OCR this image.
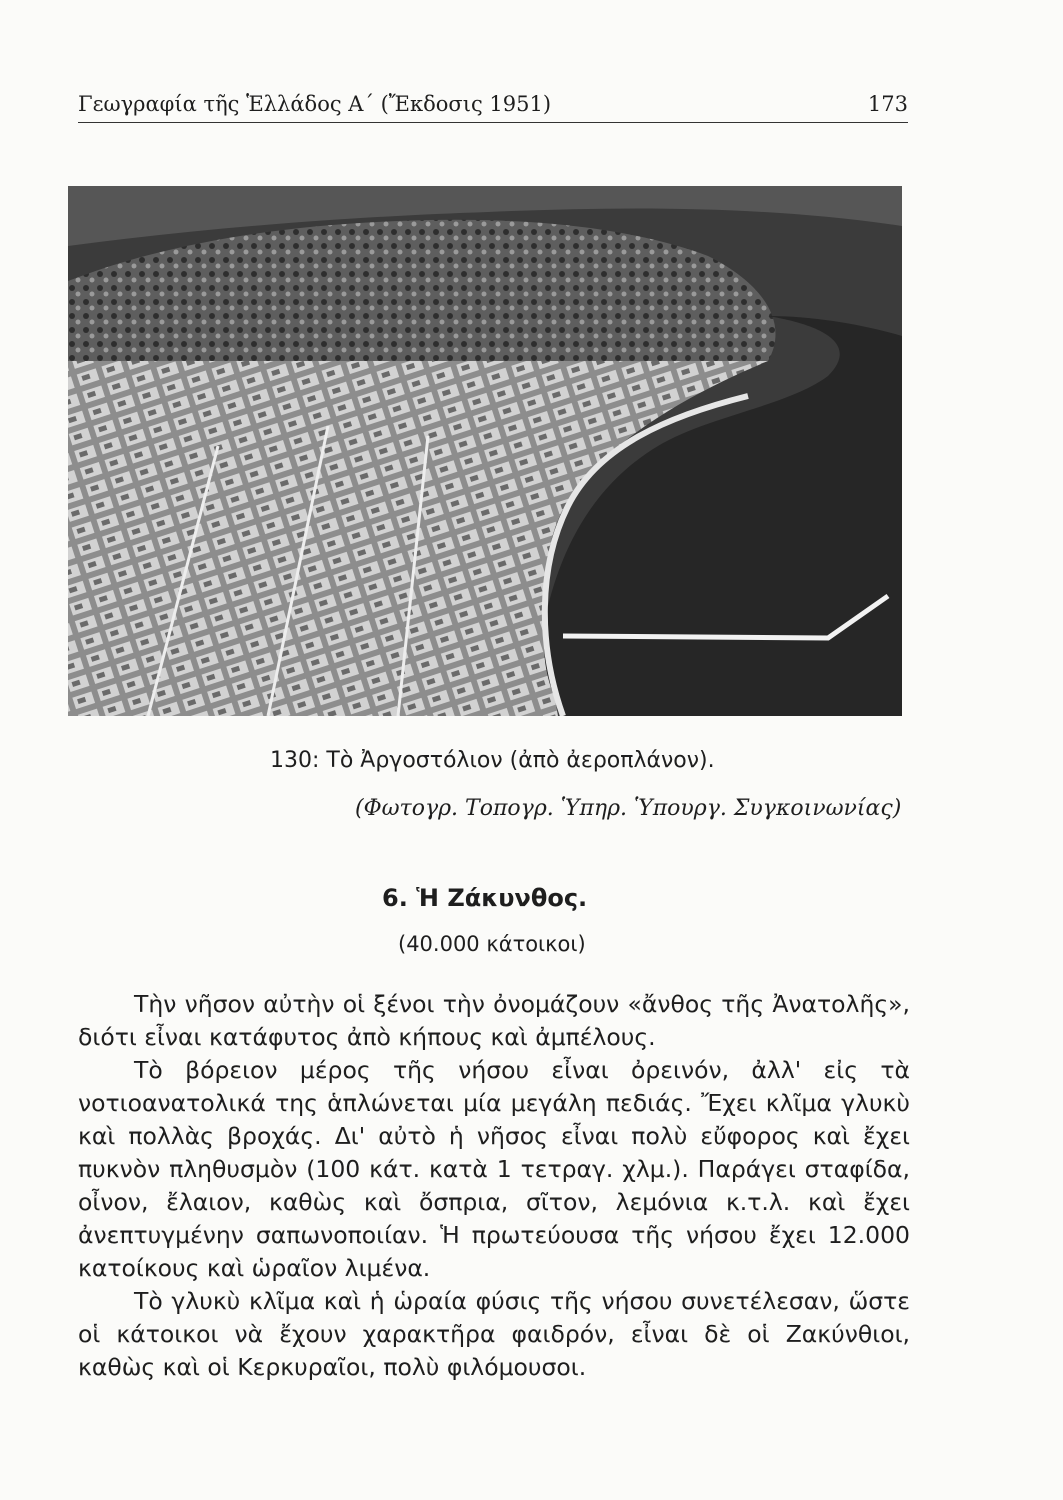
Γεωγραφία τῆς Ἑλλάδος Α΄ (Ἔκδοσις 1951)	173
130: Τὸ Ἀργοστόλιον (ἀπὸ ἀεροπλάνον).
(Φωτογρ. Τοπογρ. Ὑπηρ. Ὑπουργ. Συγκοινωνίας)
6. Ἡ Ζάκυνθος.
(40.000 κάτοικοι)

Τὴν νῆσον αὐτὴν οἱ ξένοι τὴν ὀνομάζουν «ἄνθος τῆς Ἀνατολῆς», διότι εἶναι κατάφυτος ἀπὸ κήπους καὶ ἀμπέλους.

Τὸ βόρειον μέρος τῆς νήσου εἶναι ὀρεινόν, ἀλλ' εἰς τὰ νοτιοανατολικά της ἁπλώνεται μία μεγάλη πεδιάς. Ἔχει κλῖμα γλυκὺ καὶ πολλὰς βροχάς. Δι' αὐτὸ ἡ νῆσος εἶναι πολὺ εὔφορος καὶ ἔχει πυκνὸν πληθυσμὸν (100 κάτ. κατὰ 1 τετραγ. χλμ.). Παράγει σταφίδα, οἶνον, ἔλαιον, καθὼς καὶ ὄσπρια, σῖτον, λεμόνια κ.τ.λ. καὶ ἔχει ἀνεπτυγμένην σαπωνοποιίαν. Ἡ πρωτεύουσα τῆς νήσου ἔχει 12.000 κατοίκους καὶ ὡραῖον λιμένα.

Τὸ γλυκὺ κλῖμα καὶ ἡ ὡραία φύσις τῆς νήσου συνετέλεσαν, ὥστε οἱ κάτοικοι νὰ ἔχουν χαρακτῆρα φαιδρόν, εἶναι δὲ οἱ Ζακύνθιοι, καθὼς καὶ οἱ Κερκυραῖοι, πολὺ φιλόμουσοι.
